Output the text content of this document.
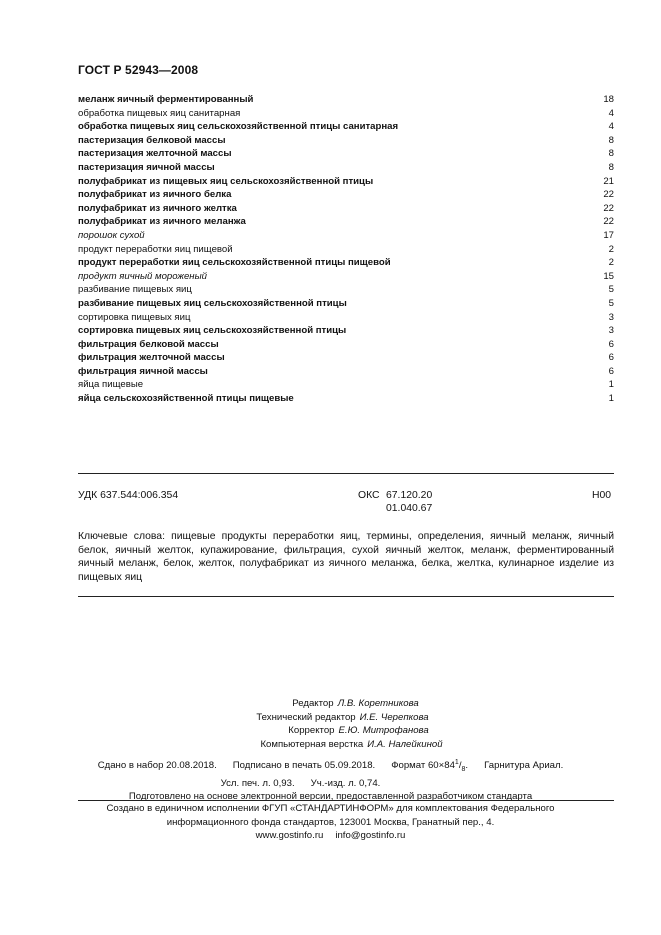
ГОСТ Р 52943—2008
меланж яичный ферментированный	18
обработка пищевых яиц санитарная	4
обработка пищевых яиц сельскохозяйственной птицы санитарная	4
пастеризация белковой массы	8
пастеризация желточной массы	8
пастеризация яичной массы	8
полуфабрикат из пищевых яиц сельскохозяйственной птицы	21
полуфабрикат из яичного белка	22
полуфабрикат из яичного желтка	22
полуфабрикат из яичного меланжа	22
порошок сухой	17
продукт переработки яиц пищевой	2
продукт переработки яиц сельскохозяйственной птицы пищевой	2
продукт яичный мороженый	15
разбивание пищевых яиц	5
разбивание пищевых яиц сельскохозяйственной птицы	5
сортировка пищевых яиц	3
сортировка пищевых яиц сельскохозяйственной птицы	3
фильтрация белковой массы	6
фильтрация желточной массы	6
фильтрация яичной массы	6
яйца пищевые	1
яйца сельскохозяйственной птицы пищевые	1
УДК 637.544:006.354	ОКС 67.120.20
01.040.67
Н00
Ключевые слова: пищевые продукты переработки яиц, термины, определения, яичный меланж, яичный белок, яичный желток, купажирование, фильтрация, сухой яичный желток, меланж, ферментированный яичный меланж, белок, желток, полуфабрикат из яичного меланжа, белка, желтка, кулинарное изделие из пищевых яиц
Редактор Л.В. Коретникова
Технический редактор И.Е. Черепкова
Корректор Е.Ю. Митрофанова
Компьютерная верстка И.А. Налейкиной
Сдано в набор 20.08.2018. Подписано в печать 05.09.2018. Формат $60\times 84^1/_8$. Гарнитура Ариал.
Усл. печ. л. 0,93. Уч.-изд. л. 0,74.
Подготовлено на основе электронной версии, предоставленной разработчиком стандарта
Создано в единичном исполнении ФГУП «СТАНДАРТИНФОРМ» для комплектования Федерального
информационного фонда стандартов, 123001 Москва, Гранатный пер., 4.
www.gostinfo.ru info@gostinfo.ru
